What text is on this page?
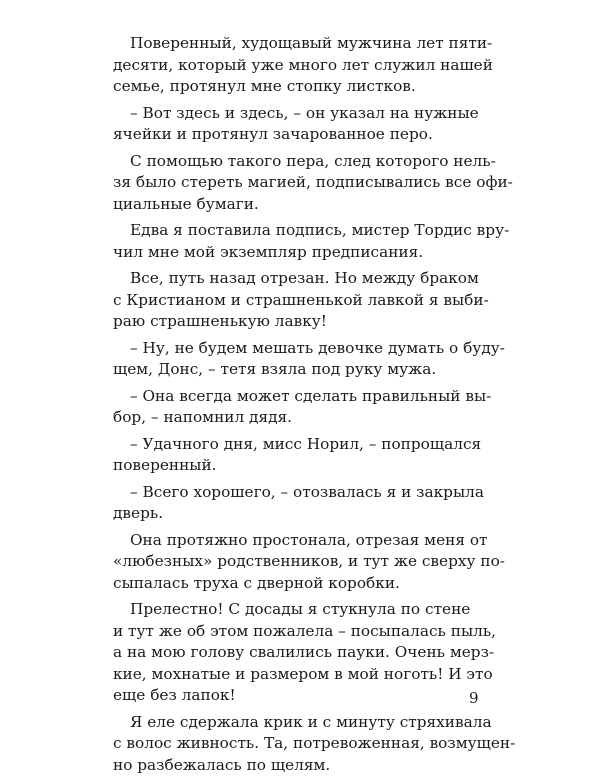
Поверенный, худощавый мужчина лет пяти-
десяти, который уже много лет служил нашей
семье, протянул мне стопку листков.
– Вот здесь и здесь, – он указал на нужные
ячейки и протянул зачарованное перо.
С помощью такого пера, след которого нель-
зя было стереть магией, подписывались все офи-
циальные бумаги.
Едва я поставила подпись, мистер Тордис вру-
чил мне мой экземпляр предписания.
Все, путь назад отрезан. Но между браком
с Кристианом и страшненькой лавкой я выби-
раю страшненькую лавку!
– Ну, не будем мешать девочке думать о буду-
щем, Донс, – тетя взяла под руку мужа.
– Она всегда может сделать правильный вы-
бор, – напомнил дядя.
– Удачного дня, мисс Норил, – попрощался
поверенный.
– Всего хорошего, – отозвалась я и закрыла
дверь.
Она протяжно простонала, отрезая меня от
«любезных» родственников, и тут же сверху по-
сыпалась труха с дверной коробки.
Прелестно! С досады я стукнула по стене
и тут же об этом пожалела – посыпалась пыль,
а на мою голову свалились пауки. Очень мерз-
кие, мохнатые и размером в мой ноготь! И это
еще без лапок!
Я еле сдержала крик и с минуту стряхивала
с волос живность. Та, потревоженная, возмущен-
но разбежалась по щелям.
9
